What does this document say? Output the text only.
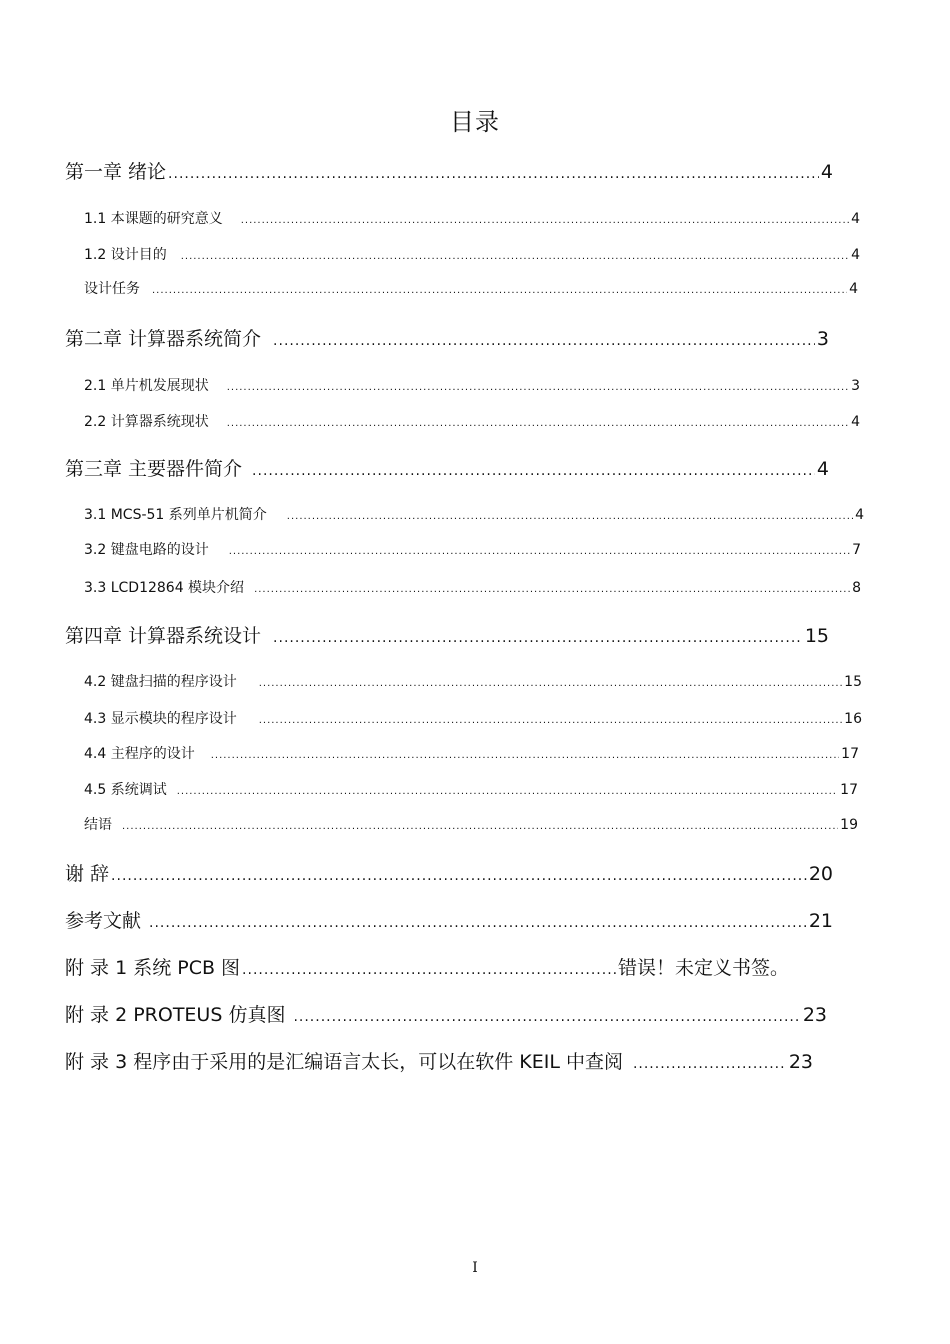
目录
第一章 绪论 .....	4
1.1 本课题的研究意义 .....	4
1.2 设计目的 .....	4
设计任务 .....	4
第二章 计算器系统简介 .....	3
2.1 单片机发展现状 .....	3
2.2 计算器系统现状 .....	4
第三章 主要器件简介 .....	4
3.1 MCS-51 系列单片机简介 .....	4
3.2 键盘电路的设计 .....	7
3.3 LCD12864 模块介绍 .....	8
第四章 计算器系统设计 .....	15
4.2 键盘扫描的程序设计 .....	15
4.3 显示模块的程序设计 .....	16
4.4 主程序的设计 .....	17
4.5 系统调试 .....	17
结语 .....	19
谢 辞 .....	20
参考文献 .....	21
附 录 1 系统 PCB 图 .....	错误！未定义书签。
附 录 2 PROTEUS 仿真图 .....	23
附 录 3 程序由于采用的是汇编语言太长，可以在软件 KEIL 中查阅 .....	23
I
